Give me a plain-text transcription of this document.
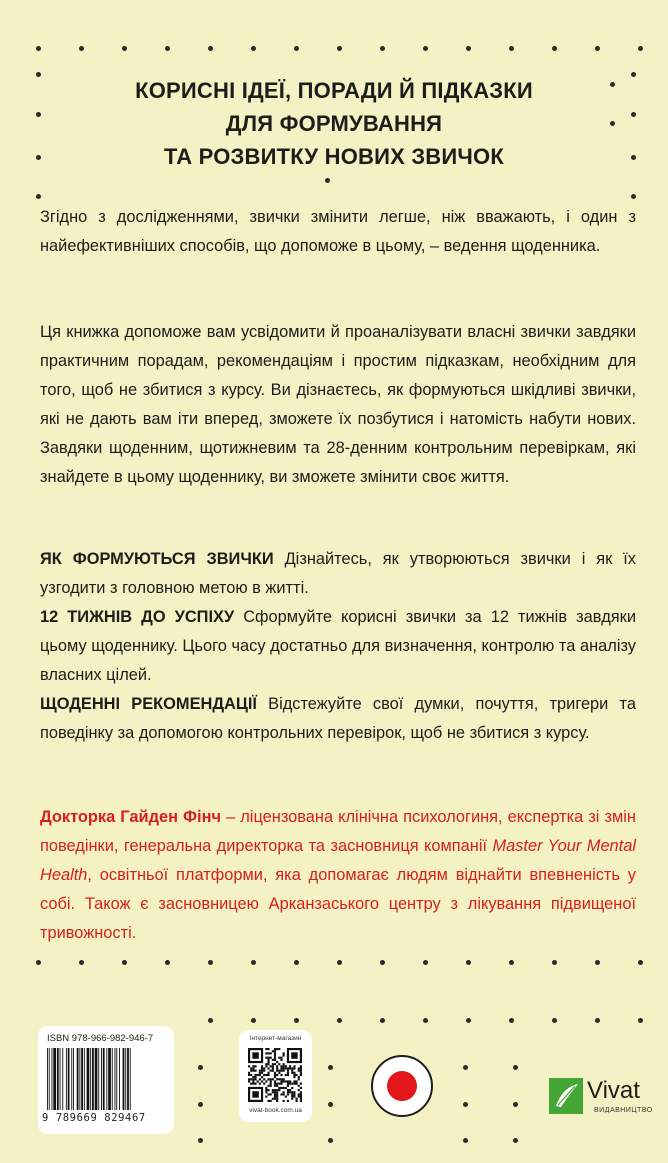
КОРИСНІ ІДЕЇ, ПОРАДИ Й ПІДКАЗКИ
ДЛЯ ФОРМУВАННЯ
ТА РОЗВИТКУ НОВИХ ЗВИЧОК

Згідно з дослідженнями, звички змінити легше, ніж вважають, і один з найефективніших способів, що допоможе в цьому, – ведення щоденника.

Ця книжка допоможе вам усвідомити й проаналізувати власні звички завдяки практичним порадам, рекомендаціям і простим підказкам, необхідним для того, щоб не збитися з курсу. Ви дізнаєтесь, як формуються шкідливі звички, які не дають вам іти вперед, зможете їх позбутися і натомість набути нових. Завдяки щоденним, щотижневим та 28-денним контрольним перевіркам, які знайдете в цьому щоденнику, ви зможете змінити своє життя.

ЯК ФОРМУЮТЬСЯ ЗВИЧКИ Дізнайтесь, як утворюються звички і як їх узгодити з головною метою в житті.

12 ТИЖНІВ ДО УСПІХУ Сформуйте корисні звички за 12 тижнів завдяки цьому щоденнику. Цього часу достатньо для визначення, контролю та аналізу власних цілей.

ЩОДЕННІ РЕКОМЕНДАЦІЇ Відстежуйте свої думки, почуття, тригери та поведінку за допомогою контрольних перевірок, щоб не збитися з курсу.

Докторка Гайден Фінч – ліцензована клінічна психологиня, експертка зі змін поведінки, генеральна директорка та засновниця компанії Master Your Mental Health, освітньої платформи, яка допомагає людям віднайти впевненість у собі. Також є засновницею Арканзаського центру з лікування підвищеної тривожності.

ISBN 978-966-982-946-7
9 789669 829467
Інтернет-магазин
vivat-book.com.ua
Vivat
ВИДАВНИЦТВО
